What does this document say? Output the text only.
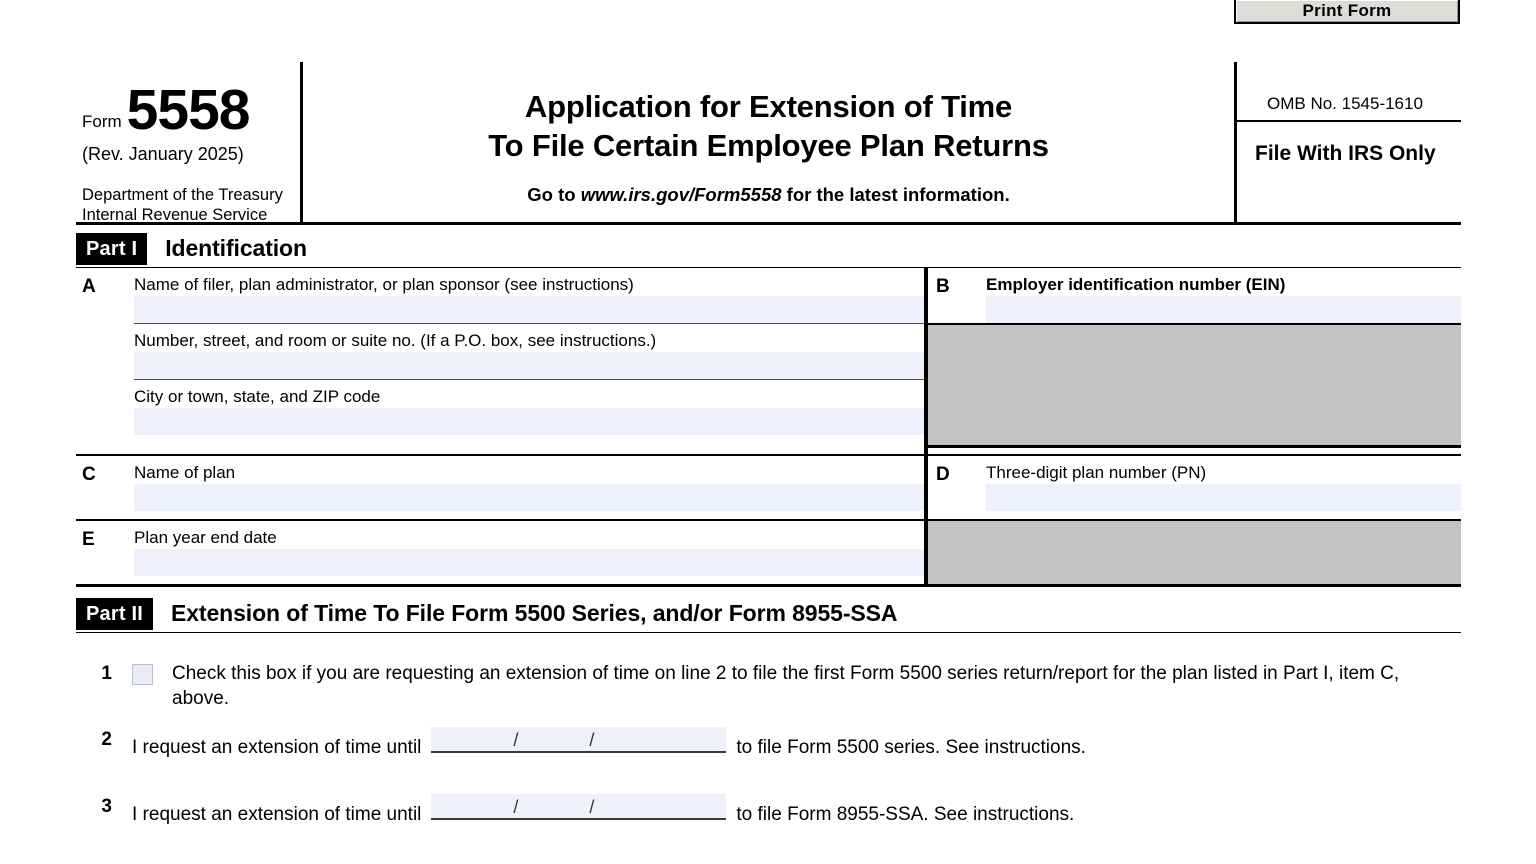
Print Form
Form 5558
(Rev. January 2025)
Department of the Treasury
Internal Revenue Service
Application for Extension of Time
To File Certain Employee Plan Returns
Go to www.irs.gov/Form5558 for the latest information.
OMB No. 1545-1610
File With IRS Only
Part I	Identification
A Name of filer, plan administrator, or plan sponsor (see instructions)
Number, street, and room or suite no. (If a P.O. box, see instructions.)
City or town, state, and ZIP code
B Employer identification number (EIN)
C Name of plan	D Three-digit plan number (PN)
E Plan year end date
Part II	Extension of Time To File Form 5500 Series, and/or Form 8955-SSA
1	Check this box if you are requesting an extension of time on line 2 to file the first Form 5500 series return/report for the plan listed in Part I, item C, above.
2	I request an extension of time until	/	/	to file Form 5500 series. See instructions.
3	I request an extension of time until	/	/	to file Form 8955-SSA. See instructions.
